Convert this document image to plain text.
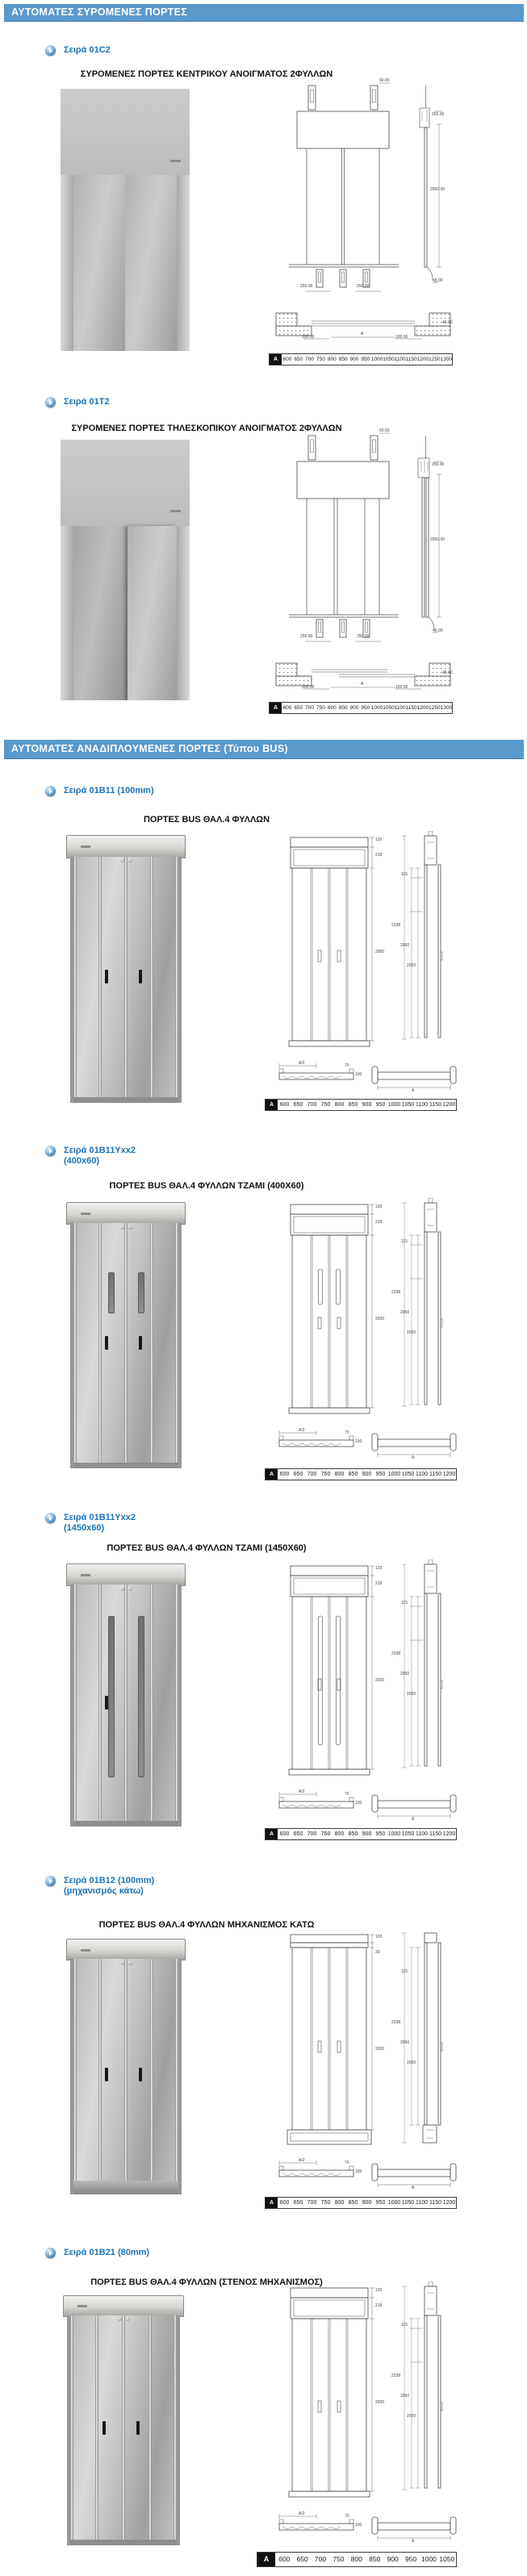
ΑΥΤΟΜΑΤΕΣ ΣΥΡΟΜΕΝΕΣ ΠΟΡΤΕΣ
Σειρά 01C2
ΣΥΡΟΜΕΝΕΣ ΠΟΡΤΕΣ ΚΕΝΤΡΙΚΟΥ ΑΝΟΙΓΜΑΤΟΣ 2ΦΥΛΛΩΝ
60.00
250.00
2000.00
250.00	250.00
45.00
100.00
A
100.00
45.00
A 600 650 700 750 800 850 900 950 1000 1050 1100 1150 1200 1250 1300
Σειρά 01T2
ΣΥΡΟΜΕΝΕΣ ΠΟΡΤΕΣ ΤΗΛΕΣΚΟΠΙΚΟΥ ΑΝΟΙΓΜΑΤΟΣ 2ΦΥΛΛΩΝ	60.00
250.00
2000.00
250.00	250.00
45.00
100.00
A
100.00
45.00
A 600 650 700 750 800 850 900 950 1000 1050 1100 1150 1200 1250 1300
ΑΥΤΟΜΑΤΕΣ ΑΝΑΔΙΠΛΟΥΜΕΝΕΣ ΠΟΡΤΕΣ (Τύπου BUS)
Σειρά 01B11 (100mm)
ΠΟΡΤΕΣ BUS ΘΑΛ.4 ΦΥΛΛΩΝ
120
218
2000
2338
2060
2000
115
A/2	70
100
A
A	600 650 700 750 800 850 900 950 1000 1050 1100 1150 1200
Σειρά 01B11Yxx2
(400x60)
ΠΟΡΤΕΣ BUS ΘΑΛ.4 ΦΥΛΛΩΝ ΤΖΑΜΙ (400X60)
120
218
2000
2338
2060
2000
115
A/2	70
100
A
A	600 650 700 750 800 850 900 950 1000 1050 1100 1150 1200
Σειρά 01B11Yxx2
(1450x60)
ΠΟΡΤΕΣ BUS ΘΑΛ.4 ΦΥΛΛΩΝ ΤΖΑΜΙ (1450X60)
120
218
2000
2338
2060
2000
115
A/2	70
100
A
A	600 650 700 750 800 850 900 950 1000 1050 1100 1150 1200
Σειρά 01B12 (100mm)
(μηχανισμός κάτω)
ΠΟΡΤΕΣ BUS ΘΑΛ.4 ΦΥΛΛΩΝ ΜΗΧΑΝΙΣΜΟΣ ΚΑΤΩ
100
30
2000
2338
2060
2000
115
A/2	70
100
A
A	600 650 700 750 800 850 900 950 1000 1050 1100 1150 1200
Σειρά 01B21 (80mm)
ΠΟΡΤΕΣ BUS ΘΑΛ.4 ΦΥΛΛΩΝ (ΣΤΕΝΟΣ ΜΗΧΑΝΙΣΜΟΣ)
120
218
2000
2338
2060
2000
115
A/2	70
100
A
A	600 650 700 750 800 850 900 950 1000 1050
